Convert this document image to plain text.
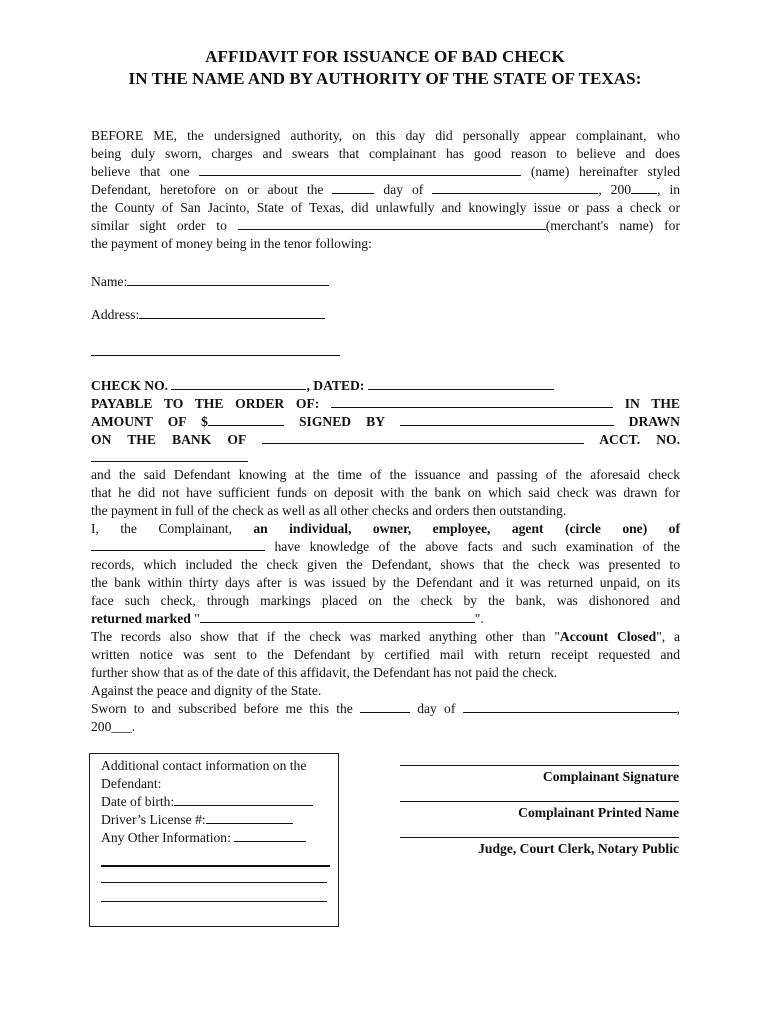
AFFIDAVIT FOR ISSUANCE OF BAD CHECK
IN THE NAME AND BY AUTHORITY OF THE STATE OF TEXAS:
BEFORE ME, the undersigned authority, on this day did personally appear complainant, who
being duly sworn, charges and swears that complainant has good reason to believe and does
believe that one	(name) hereinafter styled
Defendant, heretofore on or about the	day of	, 200 , in
the County of San Jacinto, State of Texas, did unlawfully and knowingly issue or pass a check or
similar sight order to	(merchant's name) for
the payment of money being in the tenor following:
Name:
Address:
CHECK NO.	, DATED:
PAYABLE TO THE ORDER OF:	IN THE
AMOUNT OF $	SIGNED BY	DRAWN
ON THE BANK OF	ACCT. NO.
and the said Defendant knowing at the time of the issuance and passing of the aforesaid check
that he did not have sufficient funds on deposit with the bank on which said check was drawn for
the payment in full of the check as well as all other checks and orders then outstanding.
I, the Complainant, an individual, owner, employee, agent (circle one) of
have knowledge of the above facts and such examination of the
records, which included the check given the Defendant, shows that the check was presented to
the bank within thirty days after is was issued by the Defendant and it was returned unpaid, on its
face such check, through markings placed on the check by the bank, was dishonored and
returned marked "	".
The records also show that if the check was marked anything other than "Account Closed", a
written notice was sent to the Defendant by certified mail with return receipt requested and
further show that as of the date of this affidavit, the Defendant has not paid the check.
Against the peace and dignity of the State.
Sworn to and subscribed before me this the	day of	,
200___.
Additional contact information on the
Defendant:
Date of birth:
Driver’s License #:
Any Other Information:
Complainant Signature
Complainant Printed Name
Judge, Court Clerk, Notary Public
